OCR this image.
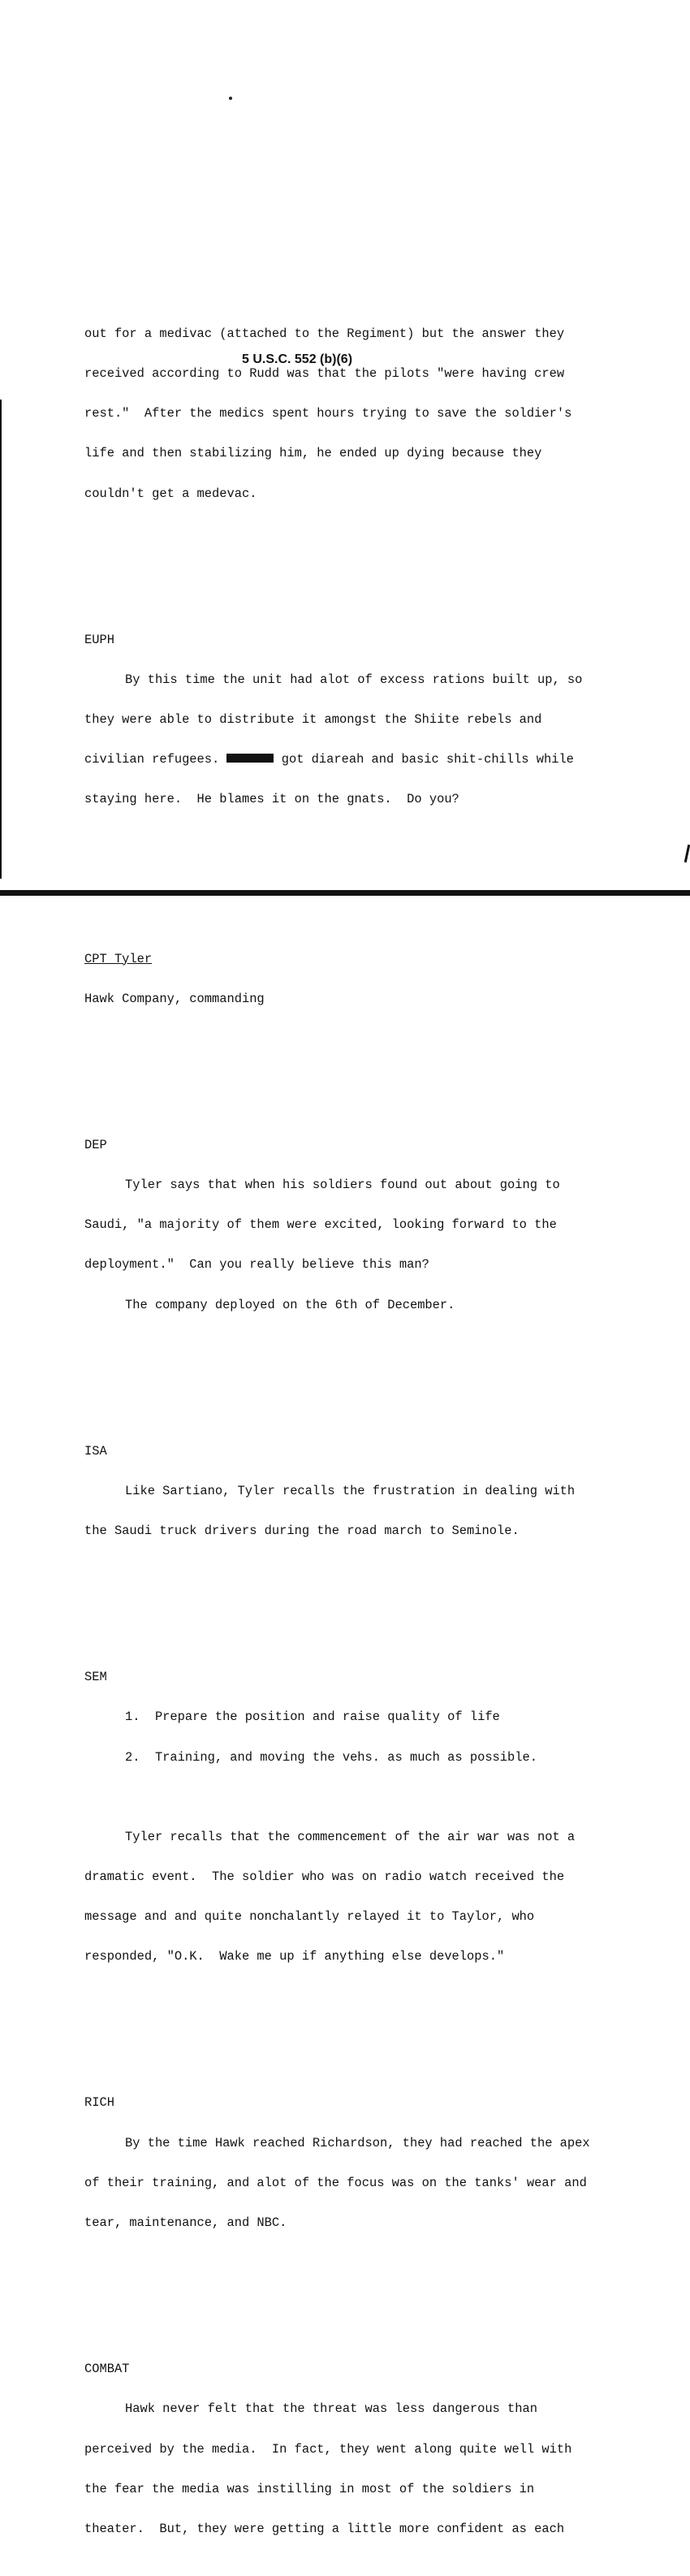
5 U.S.C. 552 (b)(6)

out for a medivac (attached to the Regiment) but the answer they

received according to Rudd was that the pilots "were having crew

rest."  After the medics spent hours trying to save the soldier's

life and then stabilizing him, he ended up dying because they

couldn't get a medevac.

EUPH

By this time the unit had alot of excess rations built up, so

they were able to distribute it amongst the Shiite rebels and

civilian refugees.	got diareah and basic shit-chills while

staying here.  He blames it on the gnats.  Do you?

CPT Tyler

Hawk Company, commanding

DEP

Tyler says that when his soldiers found out about going to

Saudi, "a majority of them were excited, looking forward to the

deployment."  Can you really believe this man?

The company deployed on the 6th of December.

ISA

Like Sartiano, Tyler recalls the frustration in dealing with

the Saudi truck drivers during the road march to Seminole.

SEM

1.  Prepare the position and raise quality of life

2.  Training, and moving the vehs. as much as possible.

Tyler recalls that the commencement of the air war was not a

dramatic event.  The soldier who was on radio watch received the

message and and quite nonchalantly relayed it to Taylor, who

responded, "O.K.  Wake me up if anything else develops."

RICH

By the time Hawk reached Richardson, they had reached the apex

of their training, and alot of the focus was on the tanks' wear and

tear, maintenance, and NBC.

COMBAT

Hawk never felt that the threat was less dangerous than

perceived by the media.  In fact, they went along quite well with

the fear the media was instilling in most of the soldiers in

theater.  But, they were getting a little more confident as each
